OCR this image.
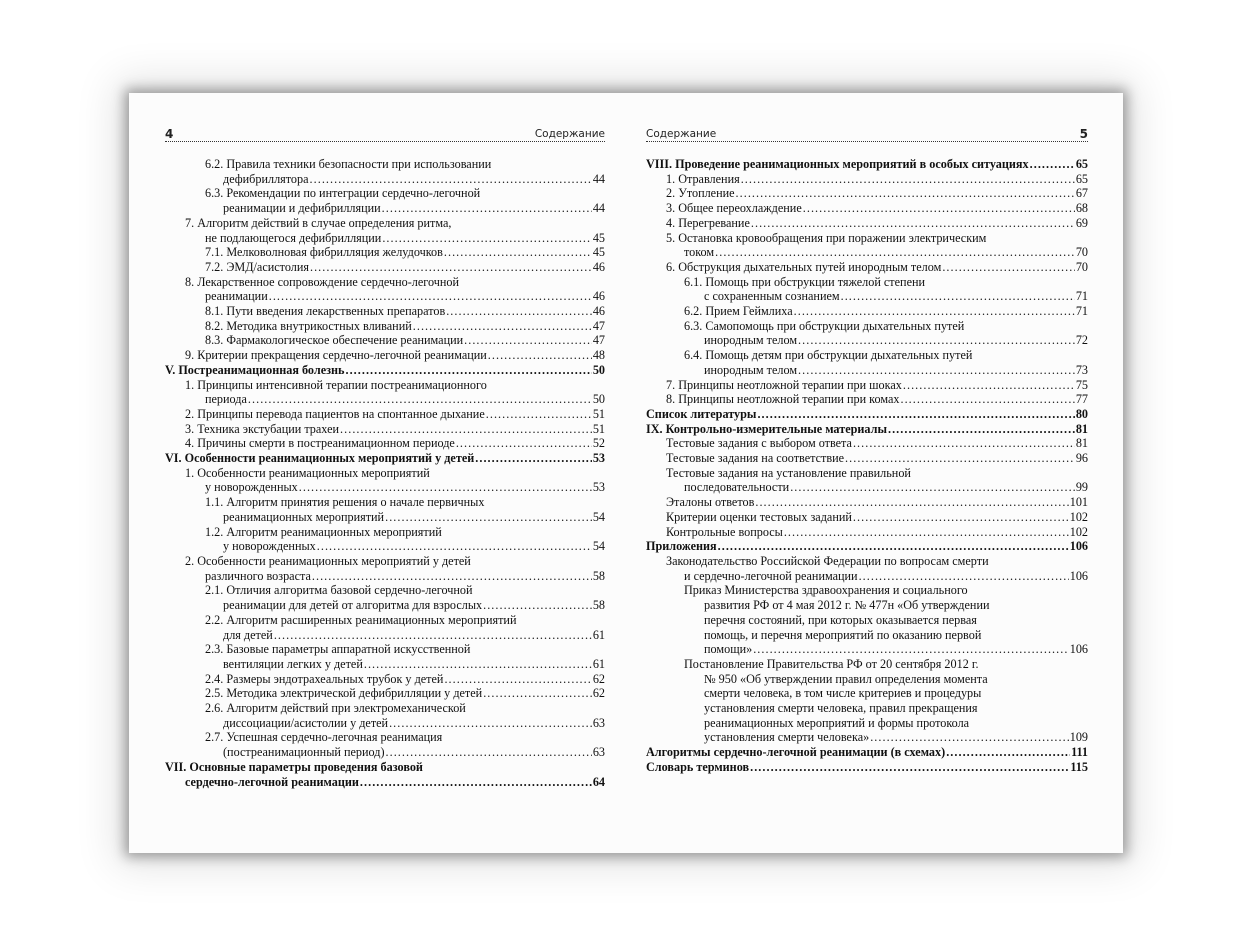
4	Содержание
6.2. Правила техники безопасности при использовании
дефибриллятора . . .	44
6.3. Рекомендации по интеграции сердечно-легочной
реанимации и дефибрилляции . . .	44
7. Алгоритм действий в случае определения ритма,
не подлающегося дефибрилляции . . .	45
7.1. Мелковолновая фибрилляция желудочков . . .	45
7.2. ЭМД/асистолия . . .	46
8. Лекарственное сопровождение сердечно-легочной
реанимации . . .	46
8.1. Пути введения лекарственных препаратов . . .	46
8.2. Методика внутрикостных вливаний . . .	47
8.3. Фармакологическое обеспечение реанимации . . .	47
9. Критерии прекращения сердечно-легочной реанимации . . .	48
V. Постреанимационная болезнь . . .	50
1. Принципы интенсивной терапии постреанимационного
периода . . .	50
2. Принципы перевода пациентов на спонтанное дыхание . . .	51
3. Техника экстубации трахеи . . .	51
4. Причины смерти в постреанимационном периоде . . .	52
VI. Особенности реанимационных мероприятий у детей . . .	53
1. Особенности реанимационных мероприятий
у новорожденных . . .	53
1.1. Алгоритм принятия решения о начале первичных
реанимационных мероприятий . . .	54
1.2. Алгоритм реанимационных мероприятий
у новорожденных . . .	54
2. Особенности реанимационных мероприятий у детей
различного возраста . . .	58
2.1. Отличия алгоритма базовой сердечно-легочной
реанимации для детей от алгоритма для взрослых . . .	58
2.2. Алгоритм расширенных реанимационных мероприятий
для детей . . .	61
2.3. Базовые параметры аппаратной искусственной
вентиляции легких у детей . . .	61
2.4. Размеры эндотрахеальных трубок у детей . . .	62
2.5. Методика электрической дефибрилляции у детей . . .	62
2.6. Алгоритм действий при электромеханической
диссоциации/асистолии у детей . . .	63
2.7. Успешная сердечно-легочная реанимация
(постреанимационный период) . . .	63
VII. Основные параметры проведения базовой
сердечно-легочной реанимации . . .	64
Содержание	5
VIII. Проведение реанимационных мероприятий в особых ситуациях . . .	65
1. Отравления . . .	65
2. Утопление . . .	67
3. Общее переохлаждение . . .	68
4. Перегревание . . .	69
5. Остановка кровообращения при поражении электрическим
током . . .	70
6. Обструкция дыхательных путей инородным телом . . .	70
6.1. Помощь при обструкции тяжелой степени
с сохраненным сознанием . . .	71
6.2. Прием Геймлиха . . .	71
6.3. Самопомощь при обструкции дыхательных путей
инородным телом . . .	72
6.4. Помощь детям при обструкции дыхательных путей
инородным телом . . .	73
7. Принципы неотложной терапии при шоках . . .	75
8. Принципы неотложной терапии при комах . . .	77
Список литературы . . .	80
IX. Контрольно-измерительные материалы . . .	81
Тестовые задания с выбором ответа . . .	81
Тестовые задания на соответствие . . .	96
Тестовые задания на установление правильной
последовательности . . .	99
Эталоны ответов . . .	101
Критерии оценки тестовых заданий . . .	102
Контрольные вопросы . . .	102
Приложения . . .	106
Законодательство Российской Федерации по вопросам смерти
и сердечно-легочной реанимации . . .	106
Приказ Министерства здравоохранения и социального
развития РФ от 4 мая 2012 г. № 477н «Об утверждении
перечня состояний, при которых оказывается первая
помощь, и перечня мероприятий по оказанию первой
помощи» . . .	106
Постановление Правительства РФ от 20 сентября 2012 г.
№ 950 «Об утверждении правил определения момента
смерти человека, в том числе критериев и процедуры
установления смерти человека, правил прекращения
реанимационных мероприятий и формы протокола
установления смерти человека» . . .	109
Алгоритмы сердечно-легочной реанимации (в схемах) . . .	111
Словарь терминов . . .	115
